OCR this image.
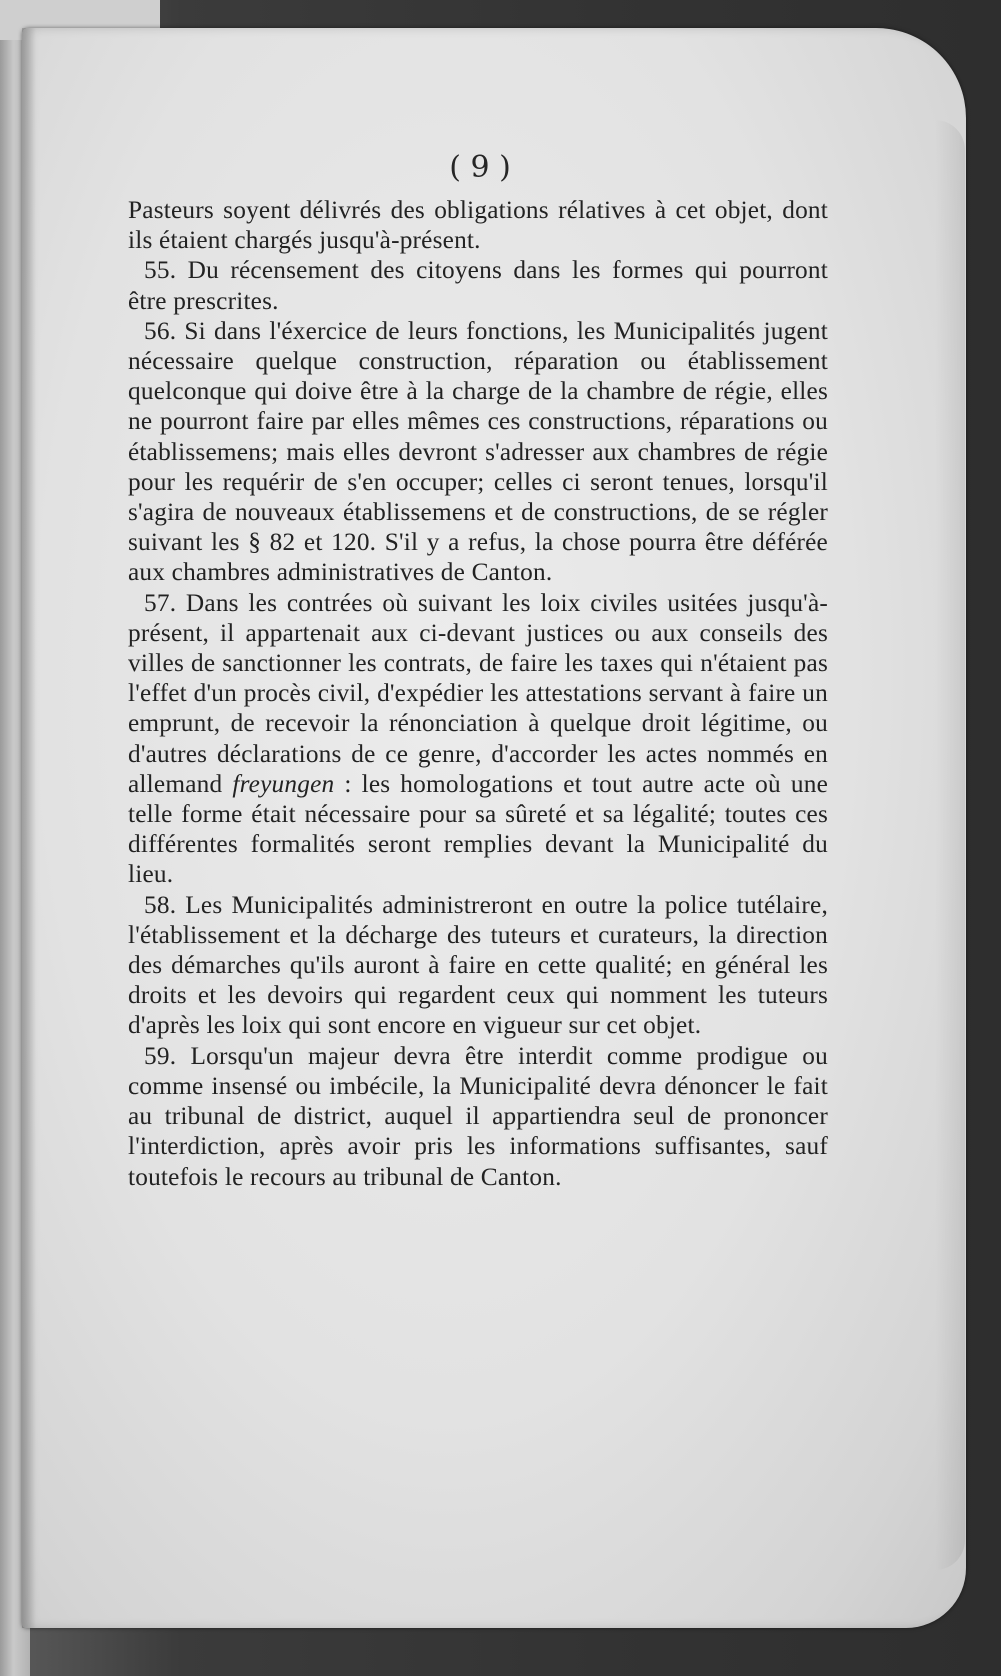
( 9 )

Pasteurs soyent délivrés des obligations rélatives à cet objet, dont ils étaient chargés jusqu'à-présent.

55. Du récensement des citoyens dans les formes qui pourront être prescrites.

56. Si dans l'éxercice de leurs fonctions, les Municipalités jugent nécessaire quelque construction, réparation ou établissement quelconque qui doive être à la charge de la chambre de régie, elles ne pourront faire par elles mêmes ces constructions, réparations ou établissemens; mais elles devront s'adresser aux chambres de régie pour les requérir de s'en occuper; celles ci seront tenues, lorsqu'il s'agira de nouveaux établissemens et de constructions, de se régler suivant les § 82 et 120. S'il y a refus, la chose pourra être déférée aux chambres administratives de Canton.

57. Dans les contrées où suivant les loix civiles usitées jusqu'à-présent, il appartenait aux ci-devant justices ou aux conseils des villes de sanctionner les contrats, de faire les taxes qui n'étaient pas l'effet d'un procès civil, d'expédier les attestations servant à faire un emprunt, de recevoir la rénonciation à quelque droit légitime, ou d'autres déclarations de ce genre, d'accorder les actes nommés en allemand freyungen : les homologations et tout autre acte où une telle forme était nécessaire pour sa sûreté et sa légalité; toutes ces différentes formalités seront remplies devant la Municipalité du lieu.

58. Les Municipalités administreront en outre la police tutélaire, l'établissement et la décharge des tuteurs et curateurs, la direction des démarches qu'ils auront à faire en cette qualité; en général les droits et les devoirs qui regardent ceux qui nomment les tuteurs d'après les loix qui sont encore en vigueur sur cet objet.

59. Lorsqu'un majeur devra être interdit comme prodigue ou comme insensé ou imbécile, la Municipalité devra dénoncer le fait au tribunal de district, auquel il appartiendra seul de prononcer l'interdiction, après avoir pris les informations suffisantes, sauf toutefois le recours au tribunal de Canton.
